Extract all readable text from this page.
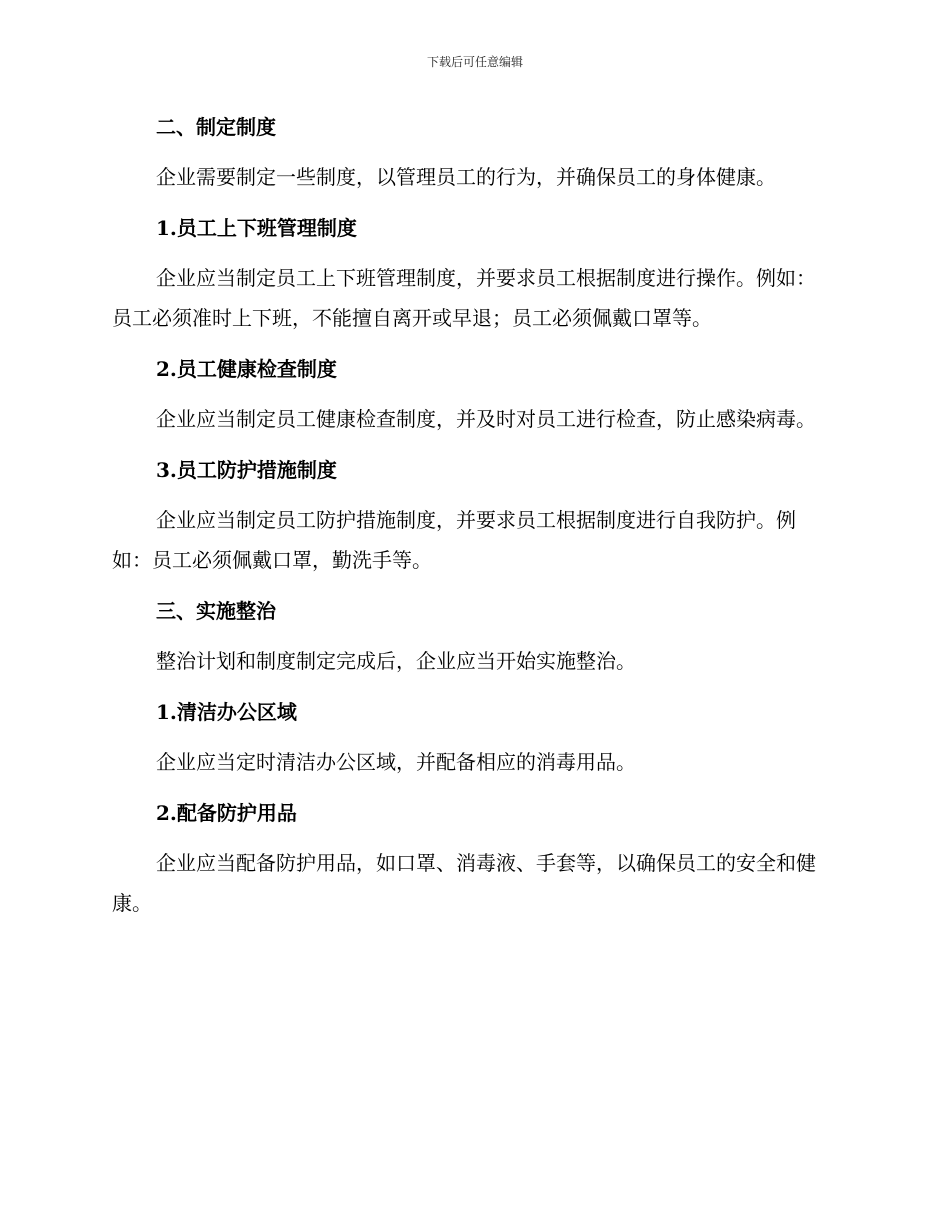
下载后可任意编辑
二、制定制度
企业需要制定一些制度，以管理员工的行为，并确保员工的身体健康。
1.员工上下班管理制度
企业应当制定员工上下班管理制度，并要求员工根据制度进行操作。例如：员工必须准时上下班，不能擅自离开或早退；员工必须佩戴口罩等。
2.员工健康检查制度
企业应当制定员工健康检查制度，并及时对员工进行检查，防止感染病毒。
3.员工防护措施制度
企业应当制定员工防护措施制度，并要求员工根据制度进行自我防护。例如：员工必须佩戴口罩，勤洗手等。
三、实施整治
整治计划和制度制定完成后，企业应当开始实施整治。
1.清洁办公区域
企业应当定时清洁办公区域，并配备相应的消毒用品。
2.配备防护用品
企业应当配备防护用品，如口罩、消毒液、手套等，以确保员工的安全和健康。
